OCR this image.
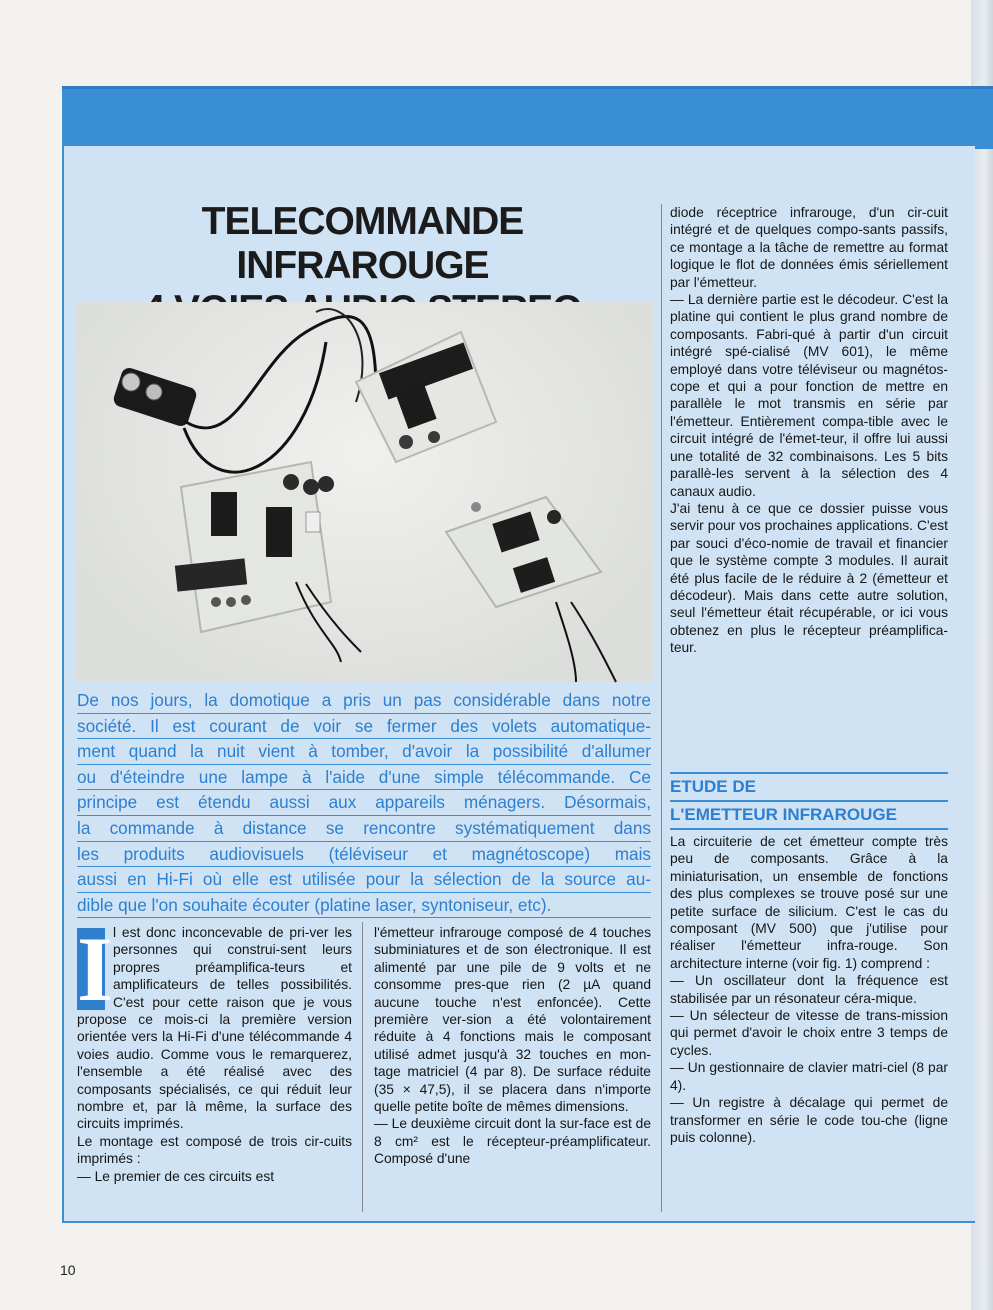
TELECOMMANDE INFRAROUGE
De nos jours, la domotique a pris un pas considérable dans notre
société. Il est courant de voir se fermer des volets automatique-
ment quand la nuit vient à tomber, d'avoir la possibilité d'allumer
ou d'éteindre une lampe à l'aide d'une simple télécommande. Ce
principe est étendu aussi aux appareils ménagers. Désormais,
la commande à distance se rencontre systématiquement dans
les produits audiovisuels (téléviseur et magnétoscope) mais
aussi en Hi-Fi où elle est utilisée pour la sélection de la source au-
dible que l'on souhaite écouter (platine laser, syntoniseur, etc).
I l est donc inconcevable de pri-ver les personnes qui construi-sent leurs propres préamplifica-teurs et amplificateurs de telles possibilités. C'est pour cette raison que je vous propose ce mois-ci la première version orientée vers la Hi-Fi d'une télécommande 4 voies audio. Comme vous le remarquerez, l'ensemble a été réalisé avec des composants spécialisés, ce qui réduit leur nombre et, par là même, la surface des circuits imprimés.

Le montage est composé de trois cir-cuits imprimés :

— Le premier de ces circuits est

l'émetteur infrarouge composé de 4 touches subminiatures et de son électronique. Il est alimenté par une pile de 9 volts et ne consomme pres-que rien (2 µA quand aucune touche n'est enfoncée). Cette première ver-sion a été volontairement réduite à 4 fonctions mais le composant utilisé admet jusqu'à 32 touches en mon-tage matriciel (4 par 8). De surface réduite (35 × 47,5), il se placera dans n'importe quelle petite boîte de mêmes dimensions.

— Le deuxième circuit dont la sur-face est de 8 cm² est le récepteur-préamplificateur. Composé d'une

diode réceptrice infrarouge, d'un cir-cuit intégré et de quelques compo-sants passifs, ce montage a la tâche de remettre au format logique le flot de données émis sériellement par l'émetteur.

— La dernière partie est le décodeur. C'est la platine qui contient le plus grand nombre de composants. Fabri-qué à partir d'un circuit intégré spé-cialisé (MV 601), le même employé dans votre téléviseur ou magnétos-cope et qui a pour fonction de mettre en parallèle le mot transmis en série par l'émetteur. Entièrement compa-tible avec le circuit intégré de l'émet-teur, il offre lui aussi une totalité de 32 combinaisons. Les 5 bits parallè-les servent à la sélection des 4 canaux audio.

J'ai tenu à ce que ce dossier puisse vous servir pour vos prochaines applications. C'est par souci d'éco-nomie de travail et financier que le système compte 3 modules. Il aurait été plus facile de le réduire à 2 (émetteur et décodeur). Mais dans cette autre solution, seul l'émetteur était récupérable, or ici vous obtenez en plus le récepteur préamplifica-teur.

ETUDE DE
L'EMETTEUR INFRAROUGE

La circuiterie de cet émetteur compte très peu de composants. Grâce à la miniaturisation, un ensemble de fonctions des plus complexes se trouve posé sur une petite surface de silicium. C'est le cas du composant (MV 500) que j'utilise pour réaliser l'émetteur infra-rouge. Son architecture interne (voir fig. 1) comprend :

— Un oscillateur dont la fréquence est stabilisée par un résonateur céra-mique.

— Un sélecteur de vitesse de trans-mission qui permet d'avoir le choix entre 3 temps de cycles.

— Un gestionnaire de clavier matri-ciel (8 par 4).

— Un registre à décalage qui permet de transformer en série le code tou-che (ligne puis colonne).

10
